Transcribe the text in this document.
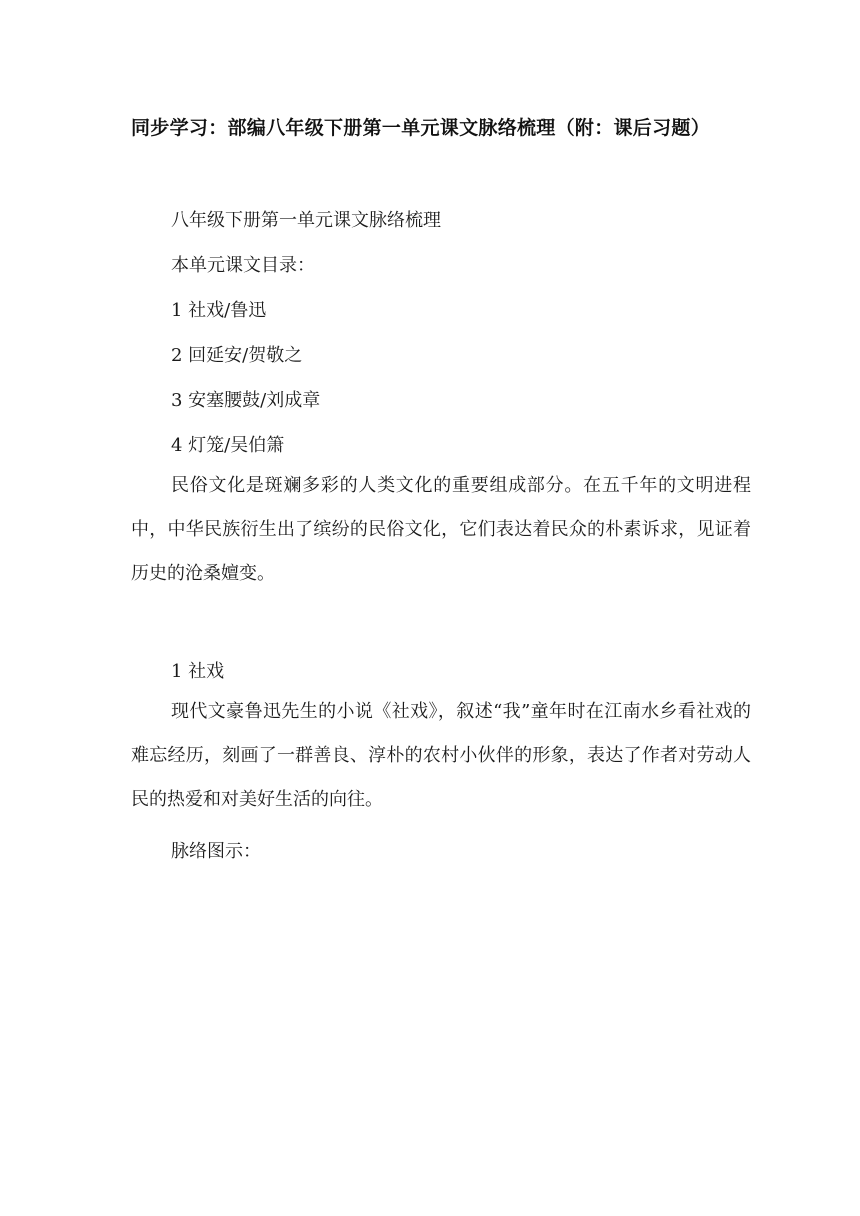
同步学习：部编八年级下册第一单元课文脉络梳理（附：课后习题）
八年级下册第一单元课文脉络梳理
本单元课文目录：
1 社戏/鲁迅
2 回延安/贺敬之
3 安塞腰鼓/刘成章
4 灯笼/吴伯箫
民俗文化是斑斓多彩的人类文化的重要组成部分。在五千年的文明进程中，中华民族衍生出了缤纷的民俗文化，它们表达着民众的朴素诉求，见证着历史的沧桑嬗变。
1 社戏
现代文豪鲁迅先生的小说《社戏》，叙述“我”童年时在江南水乡看社戏的难忘经历，刻画了一群善良、淳朴的农村小伙伴的形象，表达了作者对劳动人民的热爱和对美好生活的向往。
脉络图示：
